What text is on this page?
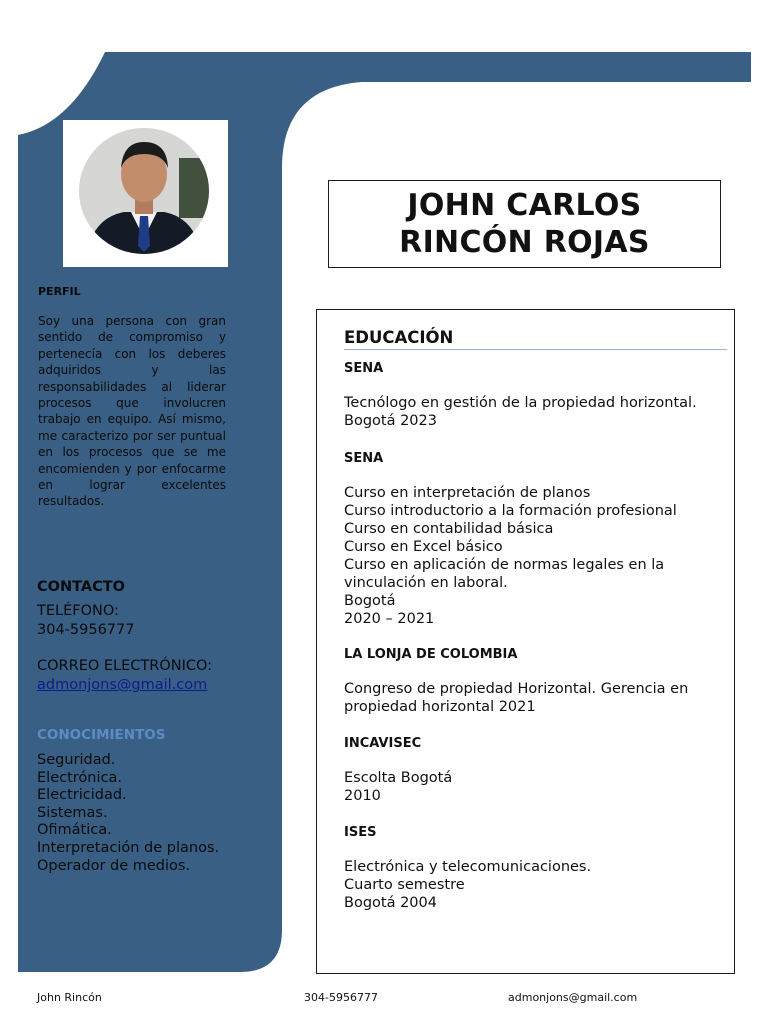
PERFIL
Soy una persona con gran sentido de compromiso y pertenecía con los deberes adquiridos y las responsabilidades al liderar procesos que involucren trabajo en equipo. Así mismo, me caracterizo por ser puntual en los procesos que se me encomienden y por enfocarme en lograr excelentes resultados.
CONTACTO
TELÉFONO:
304-5956777
CORREO ELECTRÓNICO:
admonjons@gmail.com
CONOCIMIENTOS
Seguridad.
Electrónica.
Electricidad.
Sistemas.
Ofimática.
Interpretación de planos.
Operador de medios.
JOHN CARLOS
RINCÓN ROJAS
EDUCACIÓN

SENA

Tecnólogo en gestión de la propiedad horizontal.
Bogotá 2023

SENA

Curso en interpretación de planos
Curso introductorio a la formación profesional
Curso en contabilidad básica
Curso en Excel básico
Curso en aplicación de normas legales en la vinculación en laboral.
Bogotá
2020 – 2021

LA LONJA DE COLOMBIA

Congreso de propiedad Horizontal. Gerencia en propiedad horizontal 2021

INCAVISEC

Escolta Bogotá
2010

ISES

Electrónica y telecomunicaciones.
Cuarto semestre
Bogotá 2004
John Rincón	304-5956777	admonjons@gmail.com
